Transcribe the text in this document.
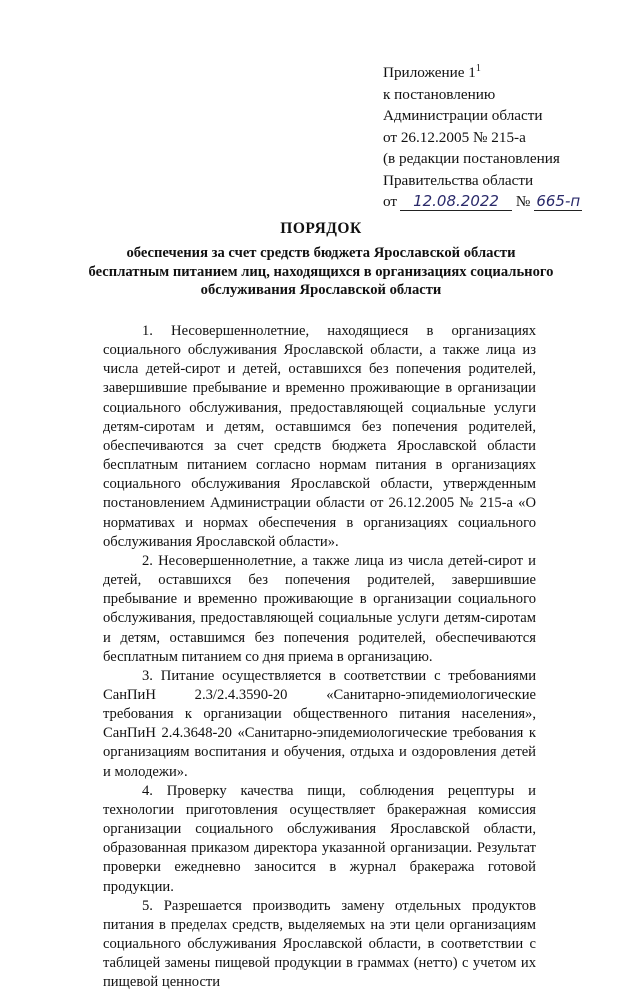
Приложение $1^1$
к постановлению
Администрации области
от 26.12.2005 № 215-а
(в редакции постановления
Правительства области
от 12.08.2022 № 665-п
ПОРЯДОК
обеспечения за счет средств бюджета Ярославской области бесплатным питанием лиц, находящихся в организациях социального обслуживания Ярославской области

1. Несовершеннолетние, находящиеся в организациях социального обслуживания Ярославской области, а также лица из числа детей-сирот и детей, оставшихся без попечения родителей, завершившие пребывание и временно проживающие в организации социального обслуживания, предоставляющей социальные услуги детям-сиротам и детям, оставшимся без попечения родителей, обеспечиваются за счет средств бюджета Ярославской области бесплатным питанием согласно нормам питания в организациях социального обслуживания Ярославской области, утвержденным постановлением Администрации области от 26.12.2005 № 215-а «О нормативах и нормах обеспечения в организациях социального обслуживания Ярославской области».

2. Несовершеннолетние, а также лица из числа детей-сирот и детей, оставшихся без попечения родителей, завершившие пребывание и временно проживающие в организации социального обслуживания, предоставляющей социальные услуги детям-сиротам и детям, оставшимся без попечения родителей, обеспечиваются бесплатным питанием со дня приема в организацию.

3. Питание осуществляется в соответствии с требованиями СанПиН 2.3/2.4.3590-20 «Санитарно-эпидемиологические требования к организации общественного питания населения», СанПиН 2.4.3648-20 «Санитарно-эпидемиологические требования к организациям воспитания и обучения, отдыха и оздоровления детей и молодежи».

4. Проверку качества пищи, соблюдения рецептуры и технологии приготовления осуществляет бракеражная комиссия организации социального обслуживания Ярославской области, образованная приказом директора указанной организации. Результат проверки ежедневно заносится в журнал бракеража готовой продукции.

5. Разрешается производить замену отдельных продуктов питания в пределах средств, выделяемых на эти цели организациям социального обслуживания Ярославской области, в соответствии с таблицей замены пищевой продукции в граммах (нетто) с учетом их пищевой ценности
